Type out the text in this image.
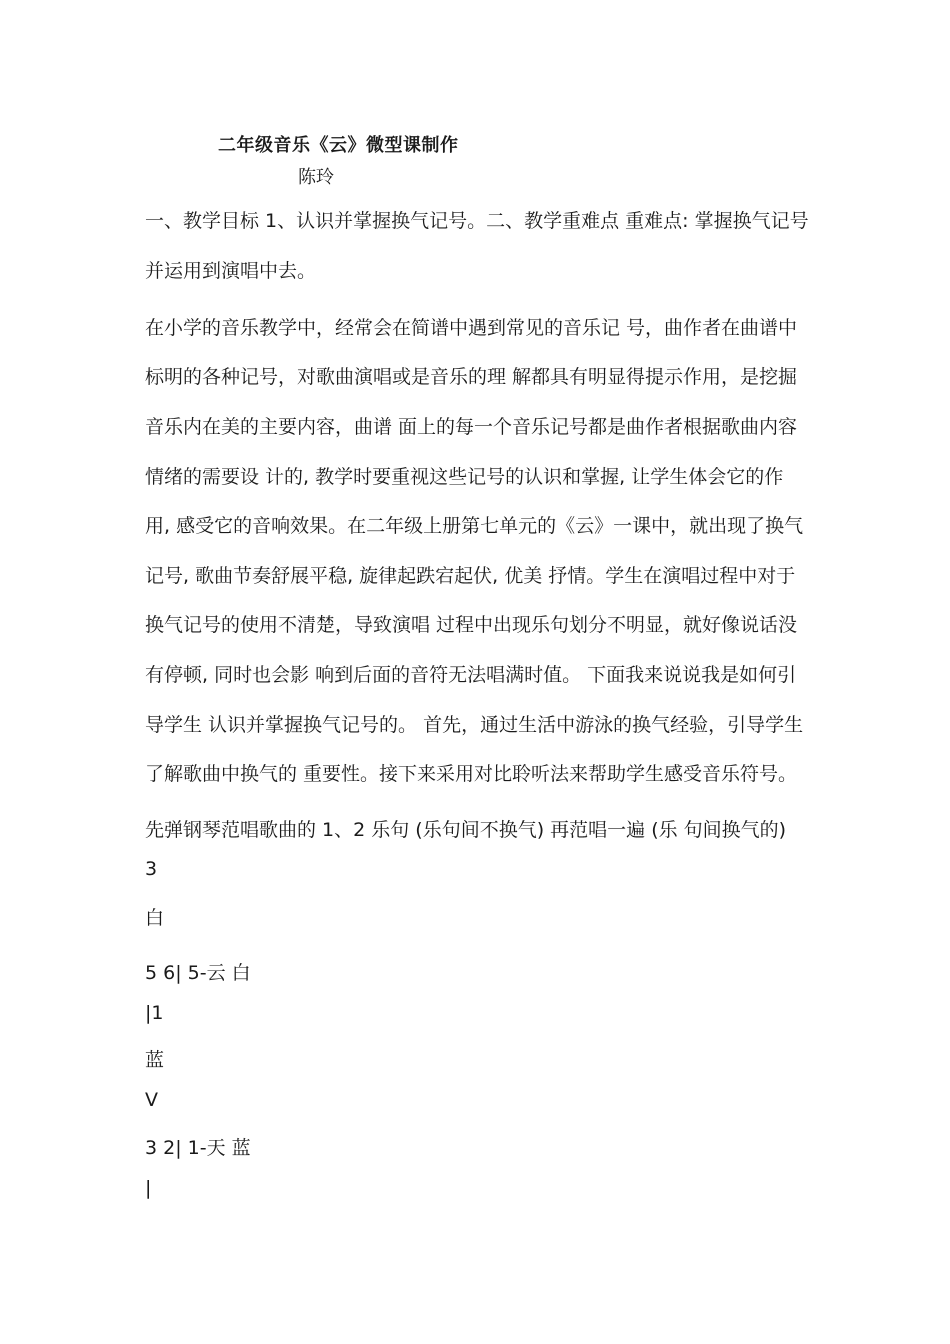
二年级音乐《云》微型课制作
陈玲
一、教学目标 1、认识并掌握换气记号。二、教学重难点 重难点: 掌握换气记号
并运用到演唱中去。
在小学的音乐教学中，经常会在简谱中遇到常见的音乐记 号，曲作者在曲谱中
标明的各种记号，对歌曲演唱或是音乐的理 解都具有明显得提示作用，是挖掘
音乐内在美的主要内容，曲谱 面上的每一个音乐记号都是曲作者根据歌曲内容
情绪的需要设 计的, 教学时要重视这些记号的认识和掌握, 让学生体会它的作
用, 感受它的音响效果。在二年级上册第七单元的《云》一课中，就出现了换气
记号, 歌曲节奏舒展平稳, 旋律起跌宕起伏, 优美 抒情。学生在演唱过程中对于
换气记号的使用不清楚，导致演唱 过程中出现乐句划分不明显，就好像说话没
有停顿, 同时也会影 响到后面的音符无法唱满时值。 下面我来说说我是如何引
导学生 认识并掌握换气记号的。 首先，通过生活中游泳的换气经验，引导学生
了解歌曲中换气的 重要性。接下来采用对比聆听法来帮助学生感受音乐符号。
先弹钢琴范唱歌曲的 1、2 乐句 (乐句间不换气) 再范唱一遍 (乐 句间换气的)
3
白
5 6| 5-云 白
|1
蓝
V
3 2| 1-天 蓝
|
